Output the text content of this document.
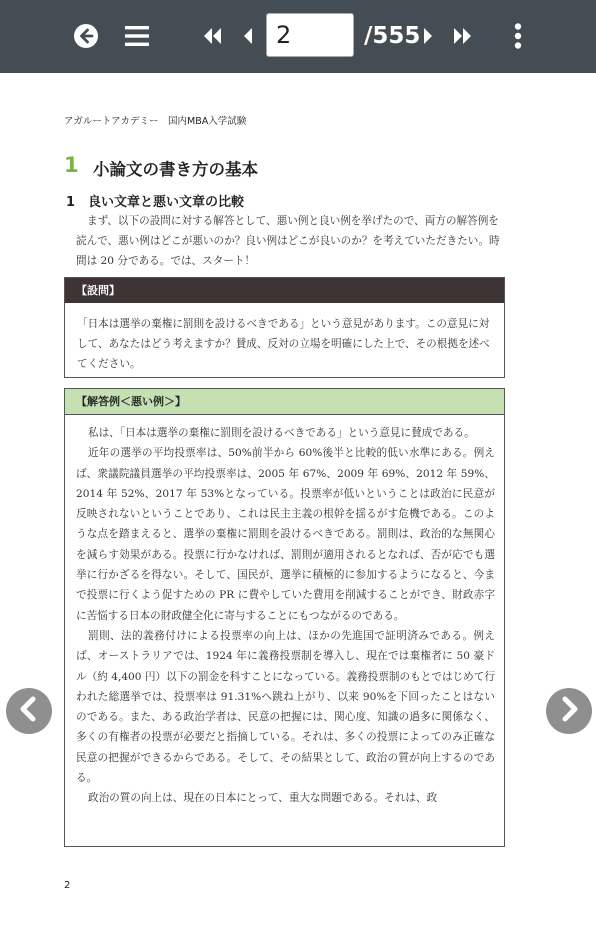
2
/555
アガルートアカデミー　国内MBA入学試験
1 小論文の書き方の基本
1　良い文章と悪い文章の比較
まず、以下の設問に対する解答として、悪い例と良い例を挙げたので、両方の解答例を読んで、悪い例はどこが悪いのか？良い例はどこが良いのか？を考えていただきたい。時間は 20 分である。では、スタート！
【設問】
「日本は選挙の棄権に罰則を設けるべきである」という意見があります。この意見に対して、あなたはどう考えますか？賛成、反対の立場を明確にした上で、その根拠を述べてください。
【解答例＜悪い例＞】

私は、「日本は選挙の棄権に罰則を設けるべきである」という意見に賛成である。

近年の選挙の平均投票率は、50%前半から 60%後半と比較的低い水準にある。例えば、衆議院議員選挙の平均投票率は、2005 年 67%、2009 年 69%、2012 年 59%、2014 年 52%、2017 年 53%となっている。投票率が低いということは政治に民意が反映されないということであり、これは民主主義の根幹を揺るがす危機である。このような点を踏まえると、選挙の棄権に罰則を設けるべきである。罰則は、政治的な無関心を減らす効果がある。投票に行かなければ、罰則が適用されるとなれば、否が応でも選挙に行かざるを得ない。そして、国民が、選挙に積極的に参加するようになると、今まで投票に行くよう促すための PR に費やしていた費用を削減することができ、財政赤字に苦悩する日本の財政健全化に寄与することにもつながるのである。

罰則、法的義務付けによる投票率の向上は、ほかの先進国で証明済みである。例えば、オーストラリアでは、1924 年に義務投票制を導入し、現在では棄権者に 50 豪ドル（約 4,400 円）以下の罰金を科すことになっている。義務投票制のもとではじめて行われた総選挙では、投票率は 91.31%へ跳ね上がり、以来 90%を下回ったことはないのである。また、ある政治学者は、民意の把握には、関心度、知識の過多に関係なく、多くの有権者の投票が必要だと指摘している。それは、多くの投票によってのみ正確な民意の把握ができるからである。そして、その結果として、政治の質が向上するのである。

政治の質の向上は、現在の日本にとって、重大な問題である。それは、政

2
